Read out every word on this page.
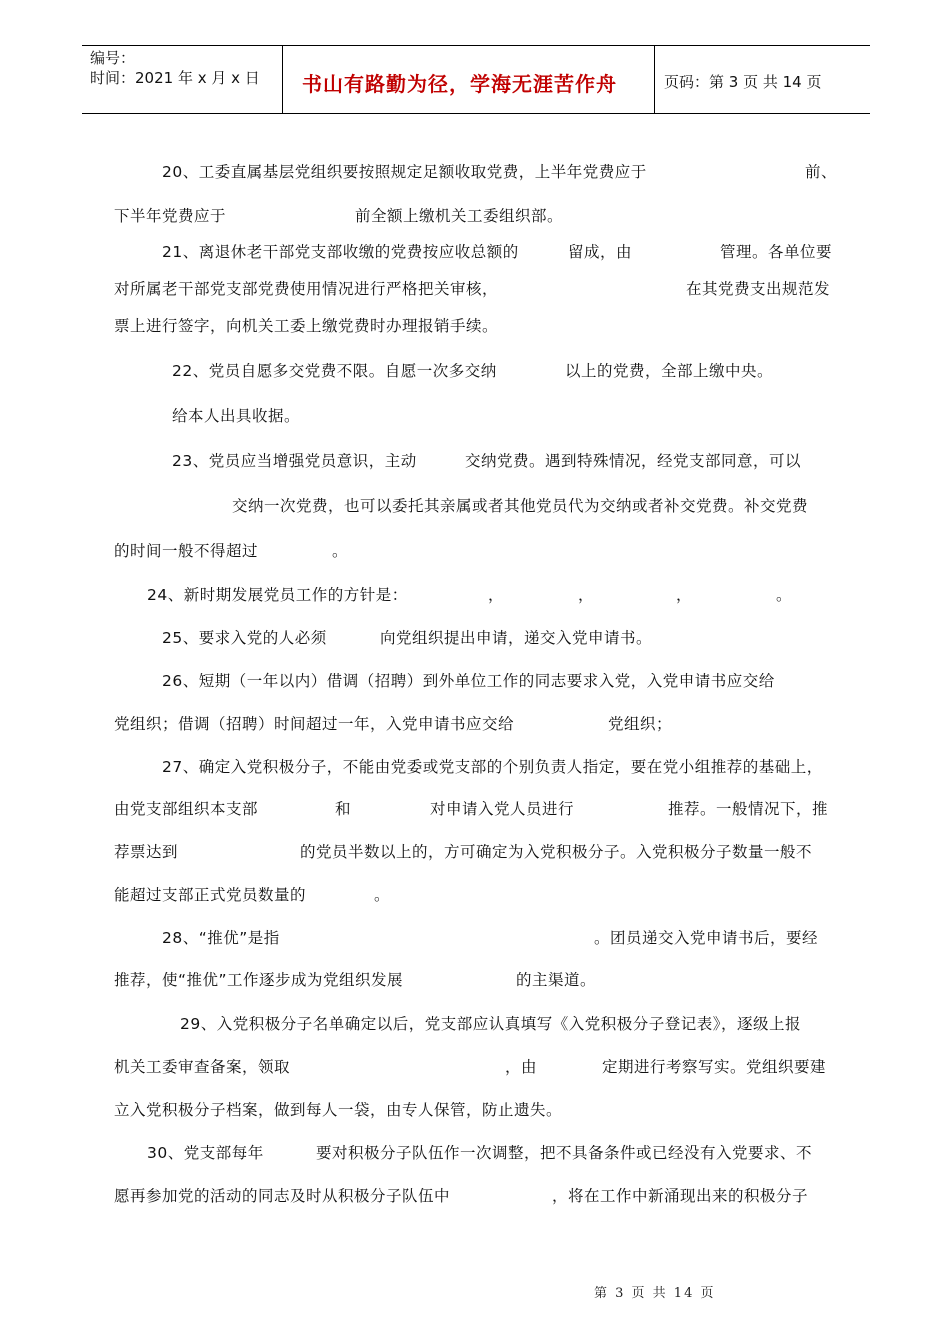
编号：
时间：2021 年 x 月 x 日 书山有路勤为径，学海无涯苦作舟	页码：第 3 页 共 14 页
20、工委直属基层党组织要按照规定足额收取党费，上半年党费应于	前、
下半年党费应于	前全额上缴机关工委组织部。
21、离退休老干部党支部收缴的党费按应收总额的	留成，由	管理。各单位要
对所属老干部党支部党费使用情况进行严格把关审核，	在其党费支出规范发
票上进行签字，向机关工委上缴党费时办理报销手续。
22、党员自愿多交党费不限。自愿一次多交纳	以上的党费，全部上缴中央。
给本人出具收据。
23、党员应当增强党员意识，主动	交纳党费。遇到特殊情况，经党支部同意，可以
交纳一次党费，也可以委托其亲属或者其他党员代为交纳或者补交党费。补交党费
的时间一般不得超过	。
24、新时期发展党员工作的方针是：	，	，	，	。
25、要求入党的人必须	向党组织提出申请，递交入党申请书。
26、短期（一年以内）借调（招聘）到外单位工作的同志要求入党，入党申请书应交给
党组织；借调（招聘）时间超过一年，入党申请书应交给	党组织；
27、确定入党积极分子，不能由党委或党支部的个别负责人指定，要在党小组推荐的基础上，
由党支部组织本支部	和	对申请入党人员进行	推荐。一般情况下，推
荐票达到	的党员半数以上的，方可确定为入党积极分子。入党积极分子数量一般不
能超过支部正式党员数量的	。
28、“推优”是指	。团员递交入党申请书后，要经
推荐，使“推优”工作逐步成为党组织发展	的主渠道。
29、入党积极分子名单确定以后，党支部应认真填写《入党积极分子登记表》，逐级上报
机关工委审查备案，领取	，由	定期进行考察写实。党组织要建
立入党积极分子档案，做到每人一袋，由专人保管，防止遗失。
30、党支部每年	要对积极分子队伍作一次调整，把不具备条件或已经没有入党要求、不
愿再参加党的活动的同志及时从积极分子队伍中	，将在工作中新涌现出来的积极分子
第 3 页 共 14 页
